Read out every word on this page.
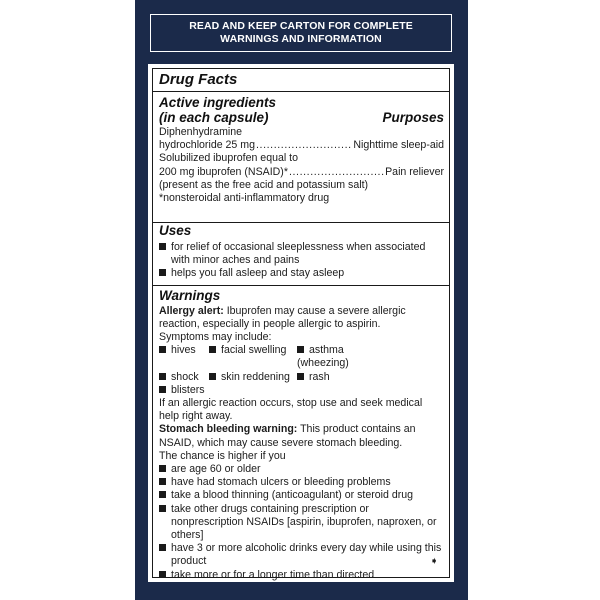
READ AND KEEP CARTON FOR COMPLETE
WARNINGS AND INFORMATION
Drug Facts
Active ingredients
(in each capsule)	Purposes
Diphenhydramine
hydrochloride 25 mg .....	Nighttime sleep-aid
Solubilized ibuprofen equal to
200 mg ibuprofen (NSAID)* .....	Pain reliever
(present as the free acid and potassium salt)
*nonsteroidal anti-inflammatory drug
Uses
for relief of occasional sleeplessness when associated with minor aches and pains
helps you fall asleep and stay asleep
Warnings
Allergy alert: Ibuprofen may cause a severe allergic reaction, especially in people allergic to aspirin.
Symptoms may include:
hives	facial swelling	asthma (wheezing)
shock	skin reddening	rash
blisters
If an allergic reaction occurs, stop use and seek medical help right away.
Stomach bleeding warning: This product contains an NSAID, which may cause severe stomach bleeding.
The chance is higher if you
are age 60 or older
have had stomach ulcers or bleeding problems
take a blood thinning (anticoagulant) or steroid drug
take other drugs containing prescription or nonprescription NSAIDs [aspirin, ibuprofen, naproxen, or others]
have 3 or more alcoholic drinks every day while using this product
take more or for a longer time than directed
➧
